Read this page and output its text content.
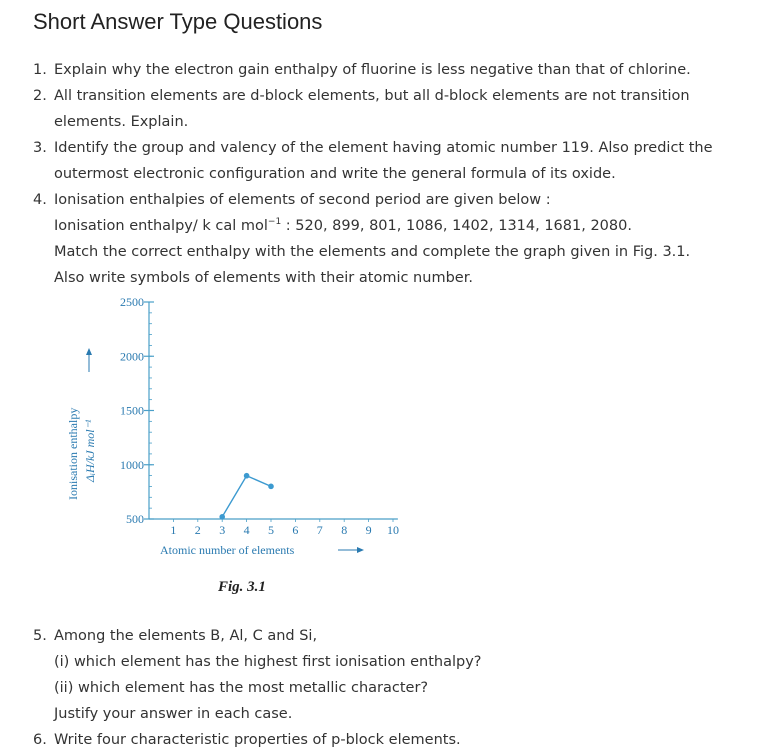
Short Answer Type Questions
1. Explain why the electron gain enthalpy of fluorine is less negative than that of chlorine.
2. All transition elements are d-block elements, but all d-block elements are not transition
elements. Explain.
3. Identify the group and valency of the element having atomic number 119. Also predict the
outermost electronic configuration and write the general formula of its oxide.
4. Ionisation enthalpies of elements of second period are given below :
Ionisation enthalpy/ k cal mol$^{-1}$ : 520, 899, 801, 1086, 1402, 1314, 1681, 2080.
Match the correct enthalpy with the elements and complete the graph given in Fig. 3.1.
Also write symbols of elements with their atomic number.
500
1000
1500
2000
2500
1 2 3 4 5 6 7 8 9 10
Atomic number of elements
Ionisation enthalpy ΔᵢH/kJ mol⁻¹
Fig. 3.1
5. Among the elements B, Al, C and Si,
(i) which element has the highest first ionisation enthalpy?
(ii) which element has the most metallic character?
Justify your answer in each case.
6. Write four characteristic properties of p-block elements.
